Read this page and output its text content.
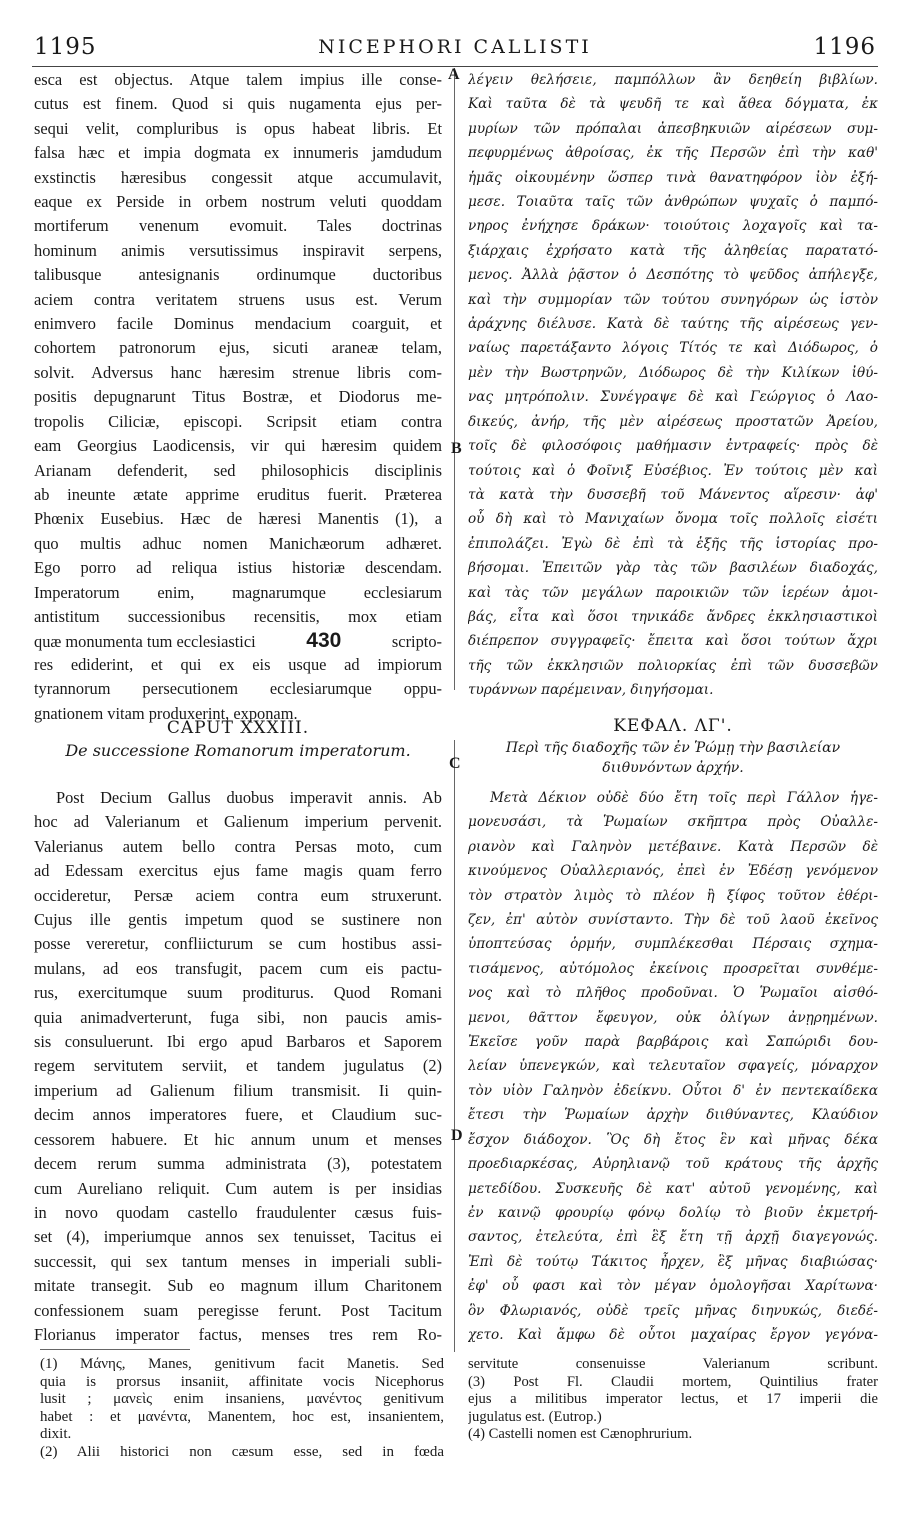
1195	NICEPHORI CALLISTI	1196
A
B
C
D
esca est objectus. Atque talem impius ille conse-
cutus est finem. Quod si quis nugamenta ejus per-
sequi velit, compluribus is opus habeat libris. Et
falsa hæc et impia dogmata ex innumeris jamdudum
exstinctis hæresibus congessit atque accumulavit,
eaque ex Perside in orbem nostrum veluti quoddam
mortiferum venenum evomuit. Tales doctrinas
hominum animis versutissimus inspiravit serpens,
talibusque antesignanis ordinumque ductoribus
aciem contra veritatem struens usus est. Verum
enimvero facile Dominus mendacium coarguit, et
cohortem patronorum ejus, sicuti araneæ telam,
solvit. Adversus hanc hæresim strenue libris com-
positis depugnarunt Titus Bostræ, et Diodorus me-
tropolis Ciliciæ, episcopi. Scripsit etiam contra
eam Georgius Laodicensis, vir qui hæresim quidem
Arianam defenderit, sed philosophicis disciplinis
ab ineunte ætate apprime eruditus fuerit. Præterea
Phœnix Eusebius. Hæc de hæresi Manentis (1), a
quo multis adhuc nomen Manichæorum adhæret.
Ego porro ad reliqua istius historiæ descendam.
Imperatorum enim, magnarumque ecclesiarum
antistitum successionibus recensitis, mox etiam
quæ monumenta tum ecclesiastici 430	scripto-
res ediderint, et qui ex eis usque ad impiorum
tyrannorum persecutionem ecclesiarumque oppu-
gnationem vitam produxerint, exponam.
CAPUT XXXIII.
De successione Romanorum imperatorum.
Post Decium Gallus duobus imperavit annis. Ab
hoc ad Valerianum et Galienum imperium pervenit.
Valerianus autem bello contra Persas moto, cum
ad Edessam exercitus ejus fame magis quam ferro
occideretur, Persæ aciem contra eum struxerunt.
Cujus ille gentis impetum quod se sustinere non
posse vereretur, confliicturum se cum hostibus assi-
mulans, ad eos transfugit, pacem cum eis pactu-
rus, exercitumque suum proditurus. Quod Romani
quia animadverterunt, fuga sibi, non paucis amis-
sis consuluerunt. Ibi ergo apud Barbaros et Saporem
regem servitutem serviit, et tandem jugulatus (2)
imperium ad Galienum filium transmisit. Ii quin-
decim annos imperatores fuere, et Claudium suc-
cessorem habuere. Et hic annum unum et menses
decem rerum summa administrata (3), potestatem
cum Aureliano reliquit. Cum autem is per insidias
in novo quodam castello fraudulenter cæsus fuis-
set (4), imperiumque annos sex tenuisset, Tacitus ei
successit, qui sex tantum menses in imperiali subli-
mitate transegit. Sub eo magnum illum Charitonem
confessionem suam peregisse ferunt. Post Tacitum
Florianus imperator factus, menses tres rem Ro-
λέγειν θελήσειε, παμπόλλων ἂν δεηθείη βιβλίων.
Καὶ ταῦτα δὲ τὰ ψευδῆ τε καὶ ἄθεα δόγματα, ἐκ
μυρίων τῶν πρόπαλαι ἀπεσβηκυιῶν αἱρέσεων συμ-
πεφυρμένως ἀθροίσας, ἐκ τῆς Περσῶν ἐπὶ τὴν καθ'
ἡμᾶς οἰκουμένην ὥσπερ τινὰ θανατηφόρον ἰὸν ἐξή-
μεσε. Τοιαῦτα ταῖς τῶν ἀνθρώπων ψυχαῖς ὁ παμπό-
νηρος ἐνήχησε δράκων· τοιούτοις λοχαγοῖς καὶ τα-
ξιάρχαις ἐχρήσατο κατὰ τῆς ἀληθείας παρατατό-
μενος. Ἀλλὰ ῥᾷστον ὁ Δεσπότης τὸ ψεῦδος ἀπήλεγξε,
καὶ τὴν συμμορίαν τῶν τούτου συνηγόρων ὡς ἱστὸν
ἀράχνης διέλυσε. Κατὰ δὲ ταύτης τῆς αἱρέσεως γεν-
ναίως παρετάξαντο λόγοις Τίτός τε καὶ Διόδωρος, ὁ
μὲν τὴν Βωστρηνῶν, Διόδωρος δὲ τὴν Κιλίκων ἰθύ-
νας μητρόπολιν. Συνέγραψε δὲ καὶ Γεώργιος ὁ Λαο-
δικεύς, ἀνήρ, τῆς μὲν αἱρέσεως προστατῶν Ἀρείου,
τοῖς δὲ φιλοσόφοις μαθήμασιν ἐντραφείς· πρὸς δὲ
τούτοις καὶ ὁ Φοῖνιξ Εὐσέβιος. Ἐν τούτοις μὲν καὶ
τὰ κατὰ τὴν δυσσεβῆ τοῦ Μάνεντος αἵρεσιν· ἀφ'
οὗ δὴ καὶ τὸ Μανιχαίων ὄνομα τοῖς πολλοῖς εἰσέτι
ἐπιπολάζει. Ἐγὼ δὲ ἐπὶ τὰ ἑξῆς τῆς ἱστορίας προ-
βήσομαι. Ἐπειτῶν γὰρ τὰς τῶν βασιλέων διαδοχάς,
καὶ τὰς τῶν μεγάλων παροικιῶν τῶν ἱερέων ἀμοι-
βάς, εἶτα καὶ ὅσοι τηνικάδε ἄνδρες ἐκκλησιαστικοὶ
διέπρεπον συγγραφεῖς· ἔπειτα καὶ ὅσοι τούτων ἄχρι
τῆς τῶν ἐκκλησιῶν πολιορκίας ἐπὶ τῶν δυσσεβῶν
τυράννων παρέμειναν, διηγήσομαι.
ΚΕΦΑΛ. ΛΓ'.
Περὶ τῆς διαδοχῆς τῶν ἐν Ῥώμῃ τὴν βασιλείαν
διιθυνόντων ἀρχήν.
Μετὰ Δέκιον οὐδὲ δύο ἔτη τοῖς περὶ Γάλλον ἡγε-
μονευσάσι, τὰ Ῥωμαίων σκῆπτρα πρὸς Οὐαλλε-
ριανὸν καὶ Γαληνὸν μετέβαινε. Κατὰ Περσῶν δὲ
κινούμενος Οὐαλλεριανός, ἐπεὶ ἐν Ἐδέσῃ γενόμενον
τὸν στρατὸν λιμὸς τὸ πλέον ἢ ξίφος τοῦτον ἐθέρι-
ζεν, ἐπ' αὐτὸν συνίσταντο. Τὴν δὲ τοῦ λαοῦ ἐκεῖνος
ὑποπτεύσας ὁρμήν, συμπλέκεσθαι Πέρσαις σχημα-
τισάμενος, αὐτόμολος ἐκείνοις προσρεῖται συνθέμε-
νος καὶ τὸ πλῆθος προδοῦναι. Ὁ Ῥωμαῖοι αἰσθό-
μενοι, θᾶττον ἔφευγον, οὐκ ὀλίγων ἀνῃρημένων.
Ἐκεῖσε γοῦν παρὰ βαρβάροις καὶ Σαπώριδι δου-
λείαν ὑπενεγκών, καὶ τελευταῖον σφαγείς, μόναρχον
τὸν υἱὸν Γαληνὸν ἐδείκνυ. Οὗτοι δ' ἐν πεντεκαίδεκα
ἔτεσι τὴν Ῥωμαίων ἀρχὴν διιθύναντες, Κλαύδιον
ἔσχον διάδοχον. Ὃς δὴ ἔτος ἓν καὶ μῆνας δέκα
προεδιαρκέσας, Αὐρηλιανῷ τοῦ κράτους τῆς ἀρχῆς
μετεδίδου. Συσκευῆς δὲ κατ' αὐτοῦ γενομένης, καὶ
ἐν καινῷ φρουρίῳ φόνῳ δολίῳ τὸ βιοῦν ἐκμετρή-
σαντος, ἐτελεύτα, ἐπὶ ἓξ ἔτη τῇ ἀρχῇ διαγεγονώς.
Ἐπὶ δὲ τούτῳ Τάκιτος ἦρχεν, ἓξ μῆνας διαβιώσας·
ἐφ' οὗ φασι καὶ τὸν μέγαν ὁμολογῆσαι Χαρίτωνα·
ὃν Φλωριανός, οὐδὲ τρεῖς μῆνας διηνυκώς, διεδέ-
χετο. Καὶ ἄμφω δὲ οὗτοι μαχαίρας ἔργον γεγόνα-
(1) Μάνης, Manes, genitivum facit Manetis. Sed
quia is prorsus insaniit, affinitate vocis Nicephorus
lusit ; μανεὶς enim insaniens, μανέντος genitivum
habet : et μανέντα, Manentem, hoc est, insanientem,
dixit.
(2) Alii historici non cæsum esse, sed in fœda
servitute consenuisse Valerianum scribunt.
(3) Post Fl. Claudii mortem, Quintilius frater
ejus a militibus imperator lectus, et 17 imperii die
jugulatus est. (Eutrop.)
(4) Castelli nomen est Cænophrurium.
